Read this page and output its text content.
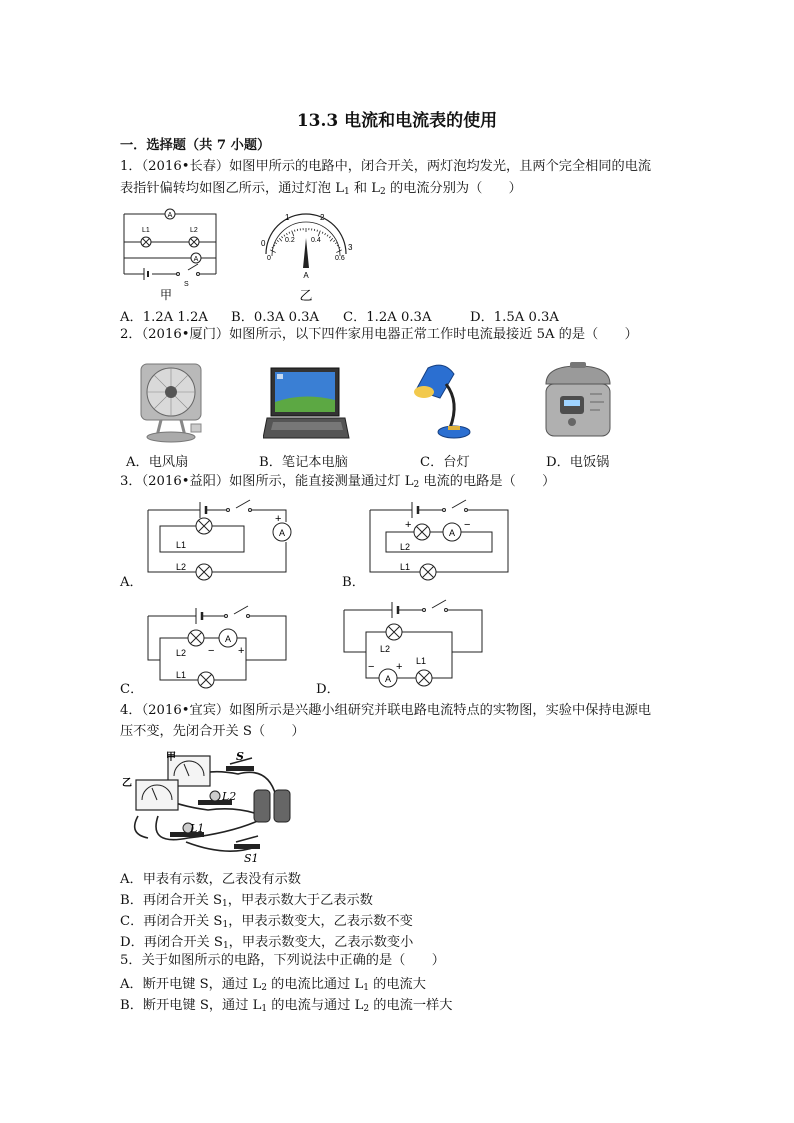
13.3 电流和电流表的使用
一．选择题（共 7 小题）
1．（2016•长春）如图甲所示的电路中，闭合开关，两灯泡均发光，且两个完全相同的电流
表指针偏转均如图乙所示，通过灯泡 $L_1$ 和 $L_2$ 的电流分别为（　　）
A
A
L1	L2
S
甲
0
1	2
3
0
0.2 0.4
0.6
A
乙
A．1.2A 1.2A B．0.3A 0.3A C．1.2A 0.3A	D．1.5A 0.3A
2．（2016•厦门）如图所示，以下四件家用电器正常工作时电流最接近 5A 的是（　　）
A．电风扇	B．笔记本电脑	C．台灯	D．电饭锅
3．（2016•益阳）如图所示，能直接测量通过灯 $L_2$ 电流的电路是（　　）
A．	B．
C．	D．
A
+
L1
L2
A
+	−
L2
L1
A
− +
L2
L1	A
− +
L2
L1
4．（2016•宜宾）如图所示是兴趣小组研究并联电路电流特点的实物图，实验中保持电源电
压不变，先闭合开关 S（　　）
甲
乙
S
L2
L1
S1
A．甲表有示数，乙表没有示数
B．再闭合开关 $S_1$，甲表示数大于乙表示数
C．再闭合开关 $S_1$，甲表示数变大，乙表示数不变
D．再闭合开关 $S_1$，甲表示数变大，乙表示数变小
5．关于如图所示的电路，下列说法中正确的是（　　）
A．断开电键 S，通过 $L_2$ 的电流比通过 $L_1$ 的电流大
B．断开电键 S，通过 $L_1$ 的电流与通过 $L_2$ 的电流一样大
